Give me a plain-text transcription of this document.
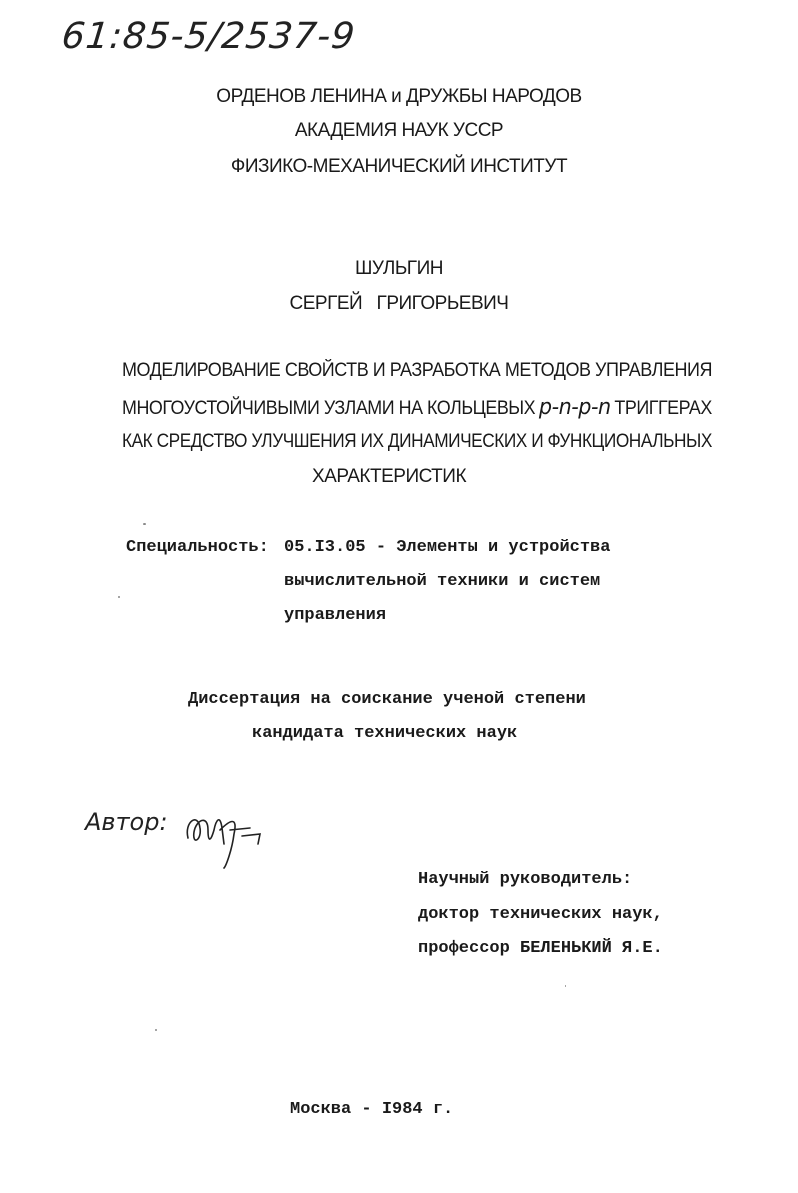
61:85-5/2537-9
ОРДЕНОВ ЛЕНИНА и ДРУЖБЫ НАРОДОВ
АКАДЕМИЯ НАУК УССР
ФИЗИКО-МЕХАНИЧЕСКИЙ ИНСТИТУТ
ШУЛЬГИН
СЕРГЕЙ   ГРИГОРЬЕВИЧ
МОДЕЛИРОВАНИЕ СВОЙСТВ И РАЗРАБОТКА МЕТОДОВ УПРАВЛЕНИЯ
МНОГОУСТОЙЧИВЫМИ УЗЛАМИ НА КОЛЬЦЕВЫХ p-n-p-n ТРИГГЕРАХ
КАК СРЕДСТВО УЛУЧШЕНИЯ ИХ ДИНАМИЧЕСКИХ И ФУНКЦИОНАЛЬНЫХ
ХАРАКТЕРИСТИК
Специальность: 05.I3.05 - Элементы и устройства
вычислительной техники и систем
управления
Диссертация на соискание ученой степени
кандидата технических наук
Автор:
Научный руководитель:
доктор технических наук,
профессор БЕЛЕНЬКИЙ Я.Е.
Москва - I984 г.
